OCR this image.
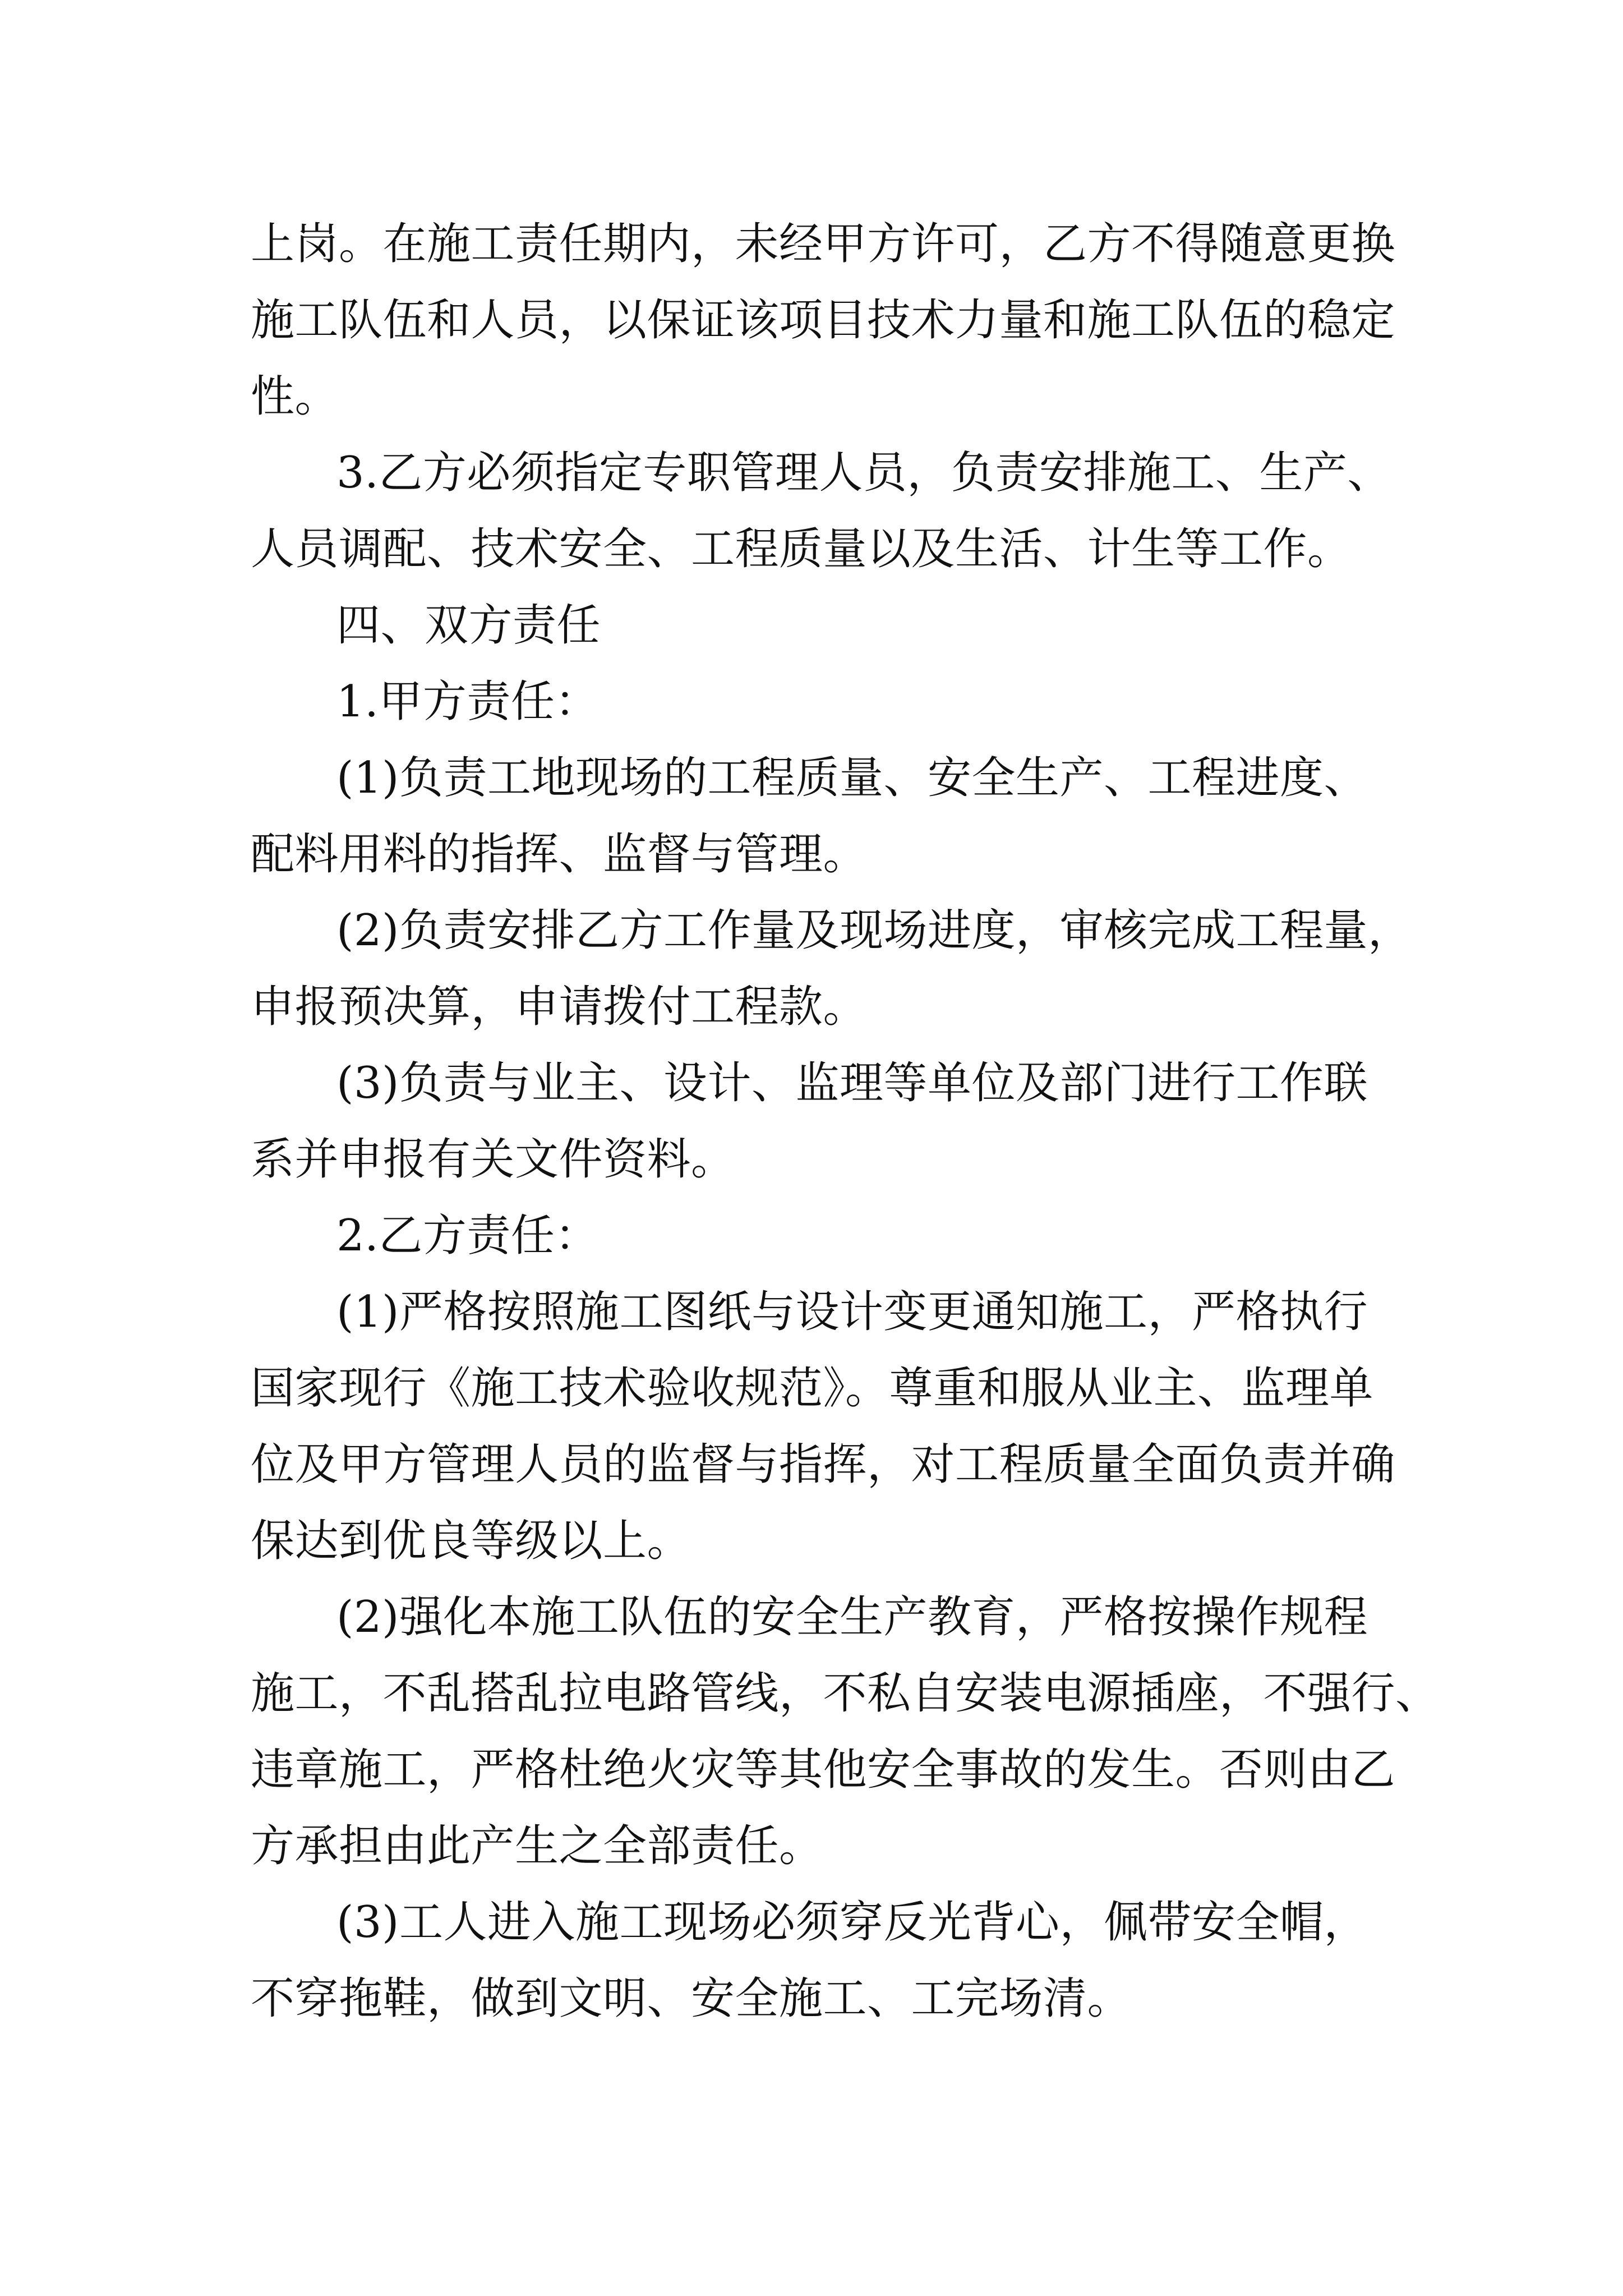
上岗。在施工责任期内，未经甲方许可，乙方不得随意更换
施工队伍和人员，以保证该项目技术力量和施工队伍的稳定
性。
3.乙方必须指定专职管理人员，负责安排施工、生产、
人员调配、技术安全、工程质量以及生活、计生等工作。
四、双方责任
1.甲方责任：
(1)负责工地现场的工程质量、安全生产、工程进度、
配料用料的指挥、监督与管理。
(2)负责安排乙方工作量及现场进度，审核完成工程量，
申报预决算，申请拨付工程款。
(3)负责与业主、设计、监理等单位及部门进行工作联
系并申报有关文件资料。
2.乙方责任：
(1)严格按照施工图纸与设计变更通知施工，严格执行
国家现行《施工技术验收规范》。尊重和服从业主、监理单
位及甲方管理人员的监督与指挥，对工程质量全面负责并确
保达到优良等级以上。
(2)强化本施工队伍的安全生产教育，严格按操作规程
施工，不乱搭乱拉电路管线，不私自安装电源插座，不强行、
违章施工，严格杜绝火灾等其他安全事故的发生。否则由乙
方承担由此产生之全部责任。
(3)工人进入施工现场必须穿反光背心，佩带安全帽，
不穿拖鞋，做到文明、安全施工、工完场清。
